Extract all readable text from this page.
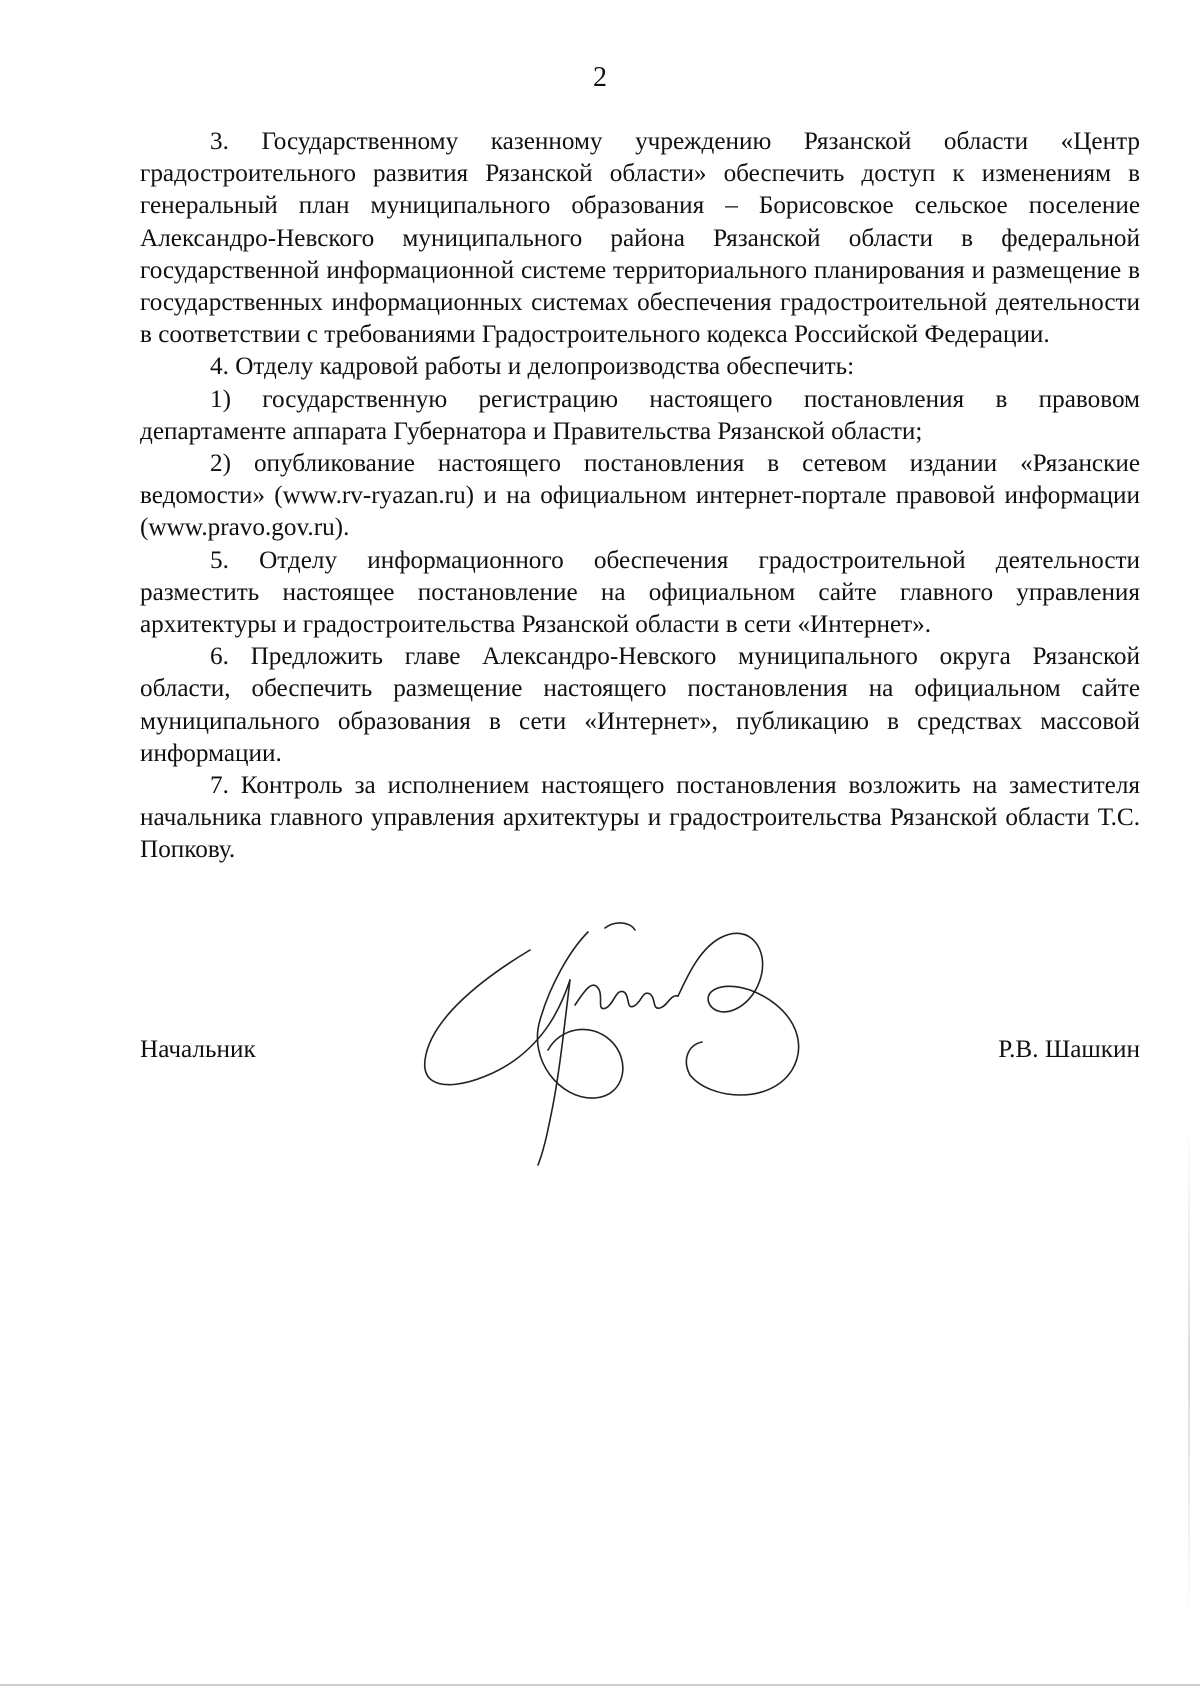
2

3. Государственному казенному учреждению Рязанской области «Центр градостроительного развития Рязанской области» обеспечить доступ к изменениям в генеральный план муниципального образования – Борисовское сельское поселение Александро-Невского муниципального района Рязанской области в федеральной государственной информационной системе территориального планирования и размещение в государственных информационных системах обеспечения градостроительной деятельности в соответствии с требованиями Градостроительного кодекса Российской Федерации.

4. Отделу кадровой работы и делопроизводства обеспечить:

1) государственную регистрацию настоящего постановления в правовом департаменте аппарата Губернатора и Правительства Рязанской области;

2) опубликование настоящего постановления в сетевом издании «Рязанские ведомости» (www.rv-ryazan.ru) и на официальном интернет-портале правовой информации (www.pravo.gov.ru).

5. Отделу информационного обеспечения градостроительной деятельности разместить настоящее постановление на официальном сайте главного управления архитектуры и градостроительства Рязанской области в сети «Интернет».

6. Предложить главе Александро-Невского муниципального округа Рязанской области, обеспечить размещение настоящего постановления на официальном сайте муниципального образования в сети «Интернет», публикацию в средствах массовой информации.

7. Контроль за исполнением настоящего постановления возложить на заместителя начальника главного управления архитектуры и градостроительства Рязанской области Т.С. Попкову.

Начальник	Р.В. Шашкин
